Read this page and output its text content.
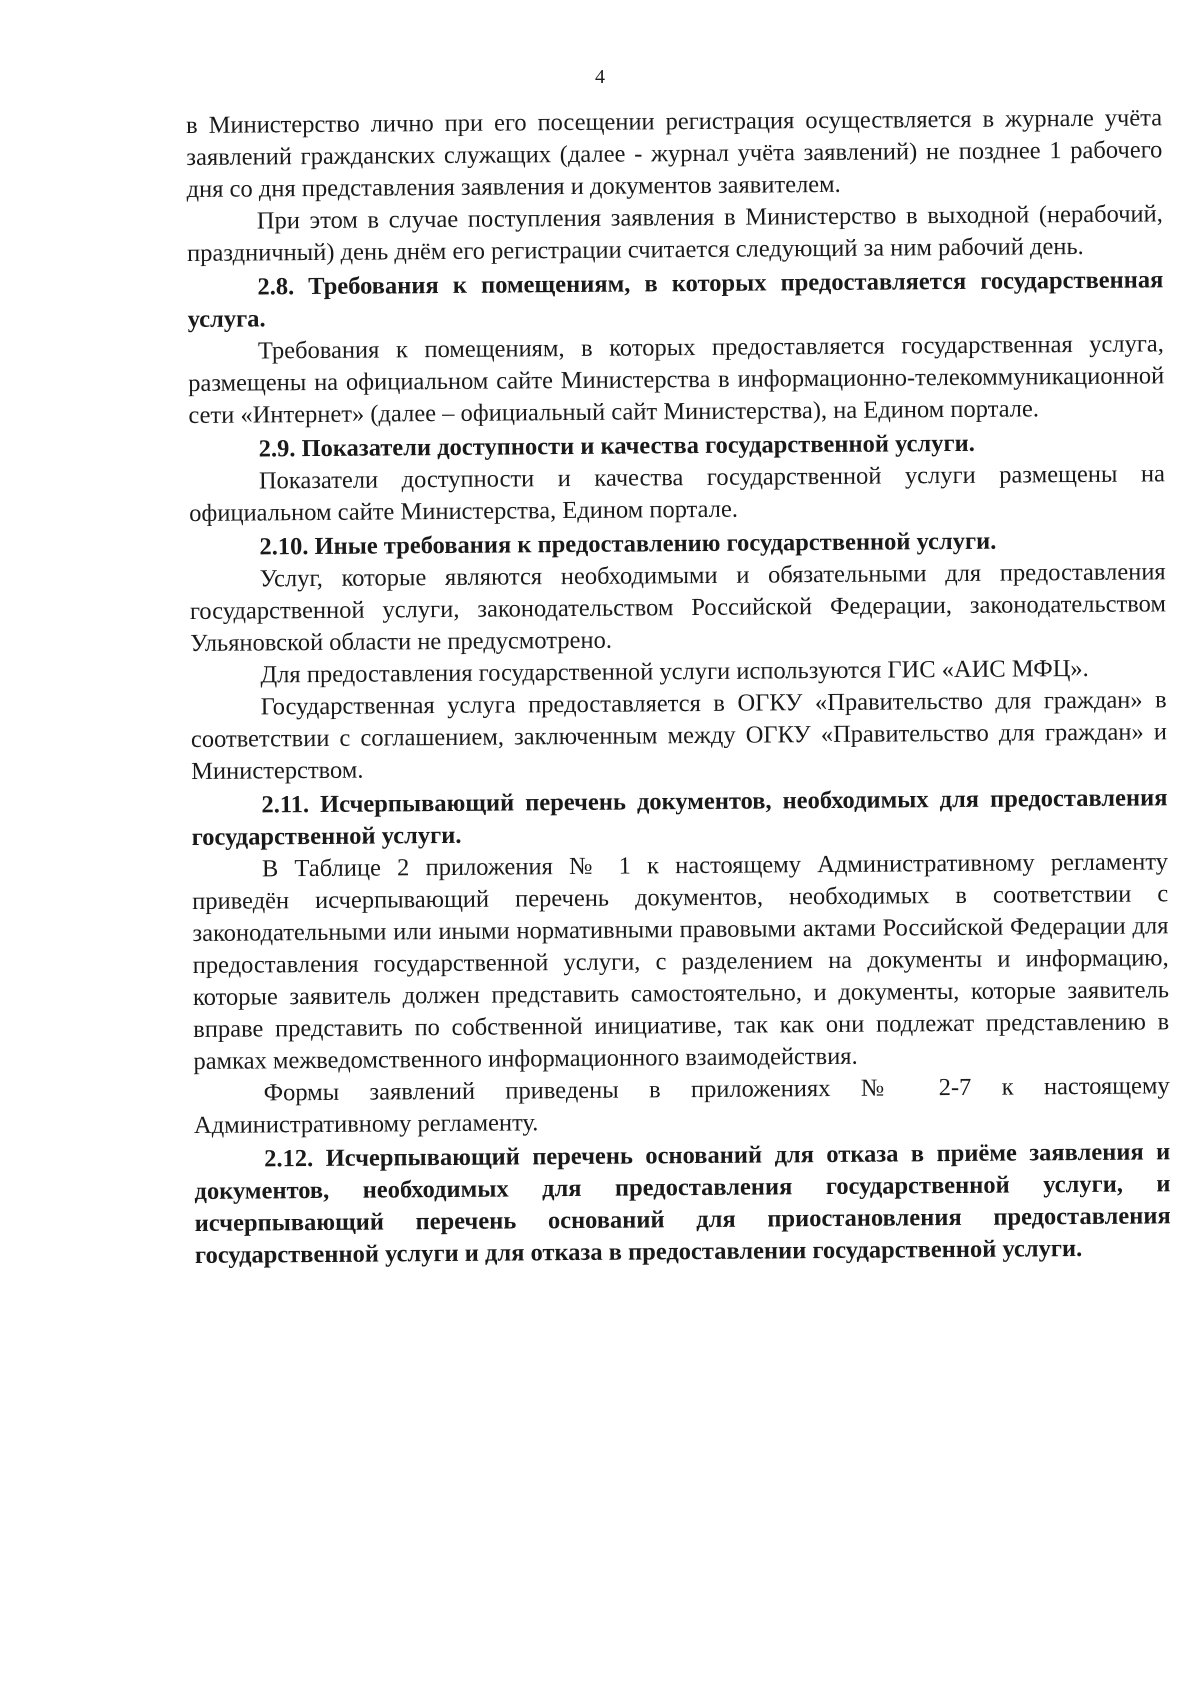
4

в Министерство лично при его посещении регистрация осуществляется в журнале учёта заявлений гражданских служащих (далее - журнал учёта заявлений) не позднее 1 рабочего дня со дня представления заявления и документов заявителем.

При этом в случае поступления заявления в Министерство в выходной (нерабочий, праздничный) день днём его регистрации считается следующий за ним рабочий день.

2.8. Требования к помещениям, в которых предоставляется государственная услуга.

Требования к помещениям, в которых предоставляется государственная услуга, размещены на официальном сайте Министерства в информационно-телекоммуникационной сети «Интернет» (далее – официальный сайт Министерства), на Едином портале.

2.9. Показатели доступности и качества государственной услуги.

Показатели доступности и качества государственной услуги размещены на официальном сайте Министерства, Едином портале.

2.10. Иные требования к предоставлению государственной услуги.

Услуг, которые являются необходимыми и обязательными для предоставления государственной услуги, законодательством Российской Федерации, законодательством Ульяновской области не предусмотрено.

Для предоставления государственной услуги используются ГИС «АИС МФЦ».

Государственная услуга предоставляется в ОГКУ «Правительство для граждан» в соответствии с соглашением, заключенным между ОГКУ «Правительство для граждан» и Министерством.

2.11. Исчерпывающий перечень документов, необходимых для предоставления государственной услуги.

В Таблице 2 приложения № 1 к настоящему Административному регламенту приведён исчерпывающий перечень документов, необходимых в соответствии с законодательными или иными нормативными правовыми актами Российской Федерации для предоставления государственной услуги, с разделением на документы и информацию, которые заявитель должен представить самостоятельно, и документы, которые заявитель вправе представить по собственной инициативе, так как они подлежат представлению в рамках межведомственного информационного взаимодействия.

Формы заявлений приведены в приложениях № 2-7 к настоящему Административному регламенту.

2.12. Исчерпывающий перечень оснований для отказа в приёме заявления и документов, необходимых для предоставления государственной услуги, и исчерпывающий перечень оснований для приостановления предоставления государственной услуги и для отказа в предоставлении государственной услуги.
